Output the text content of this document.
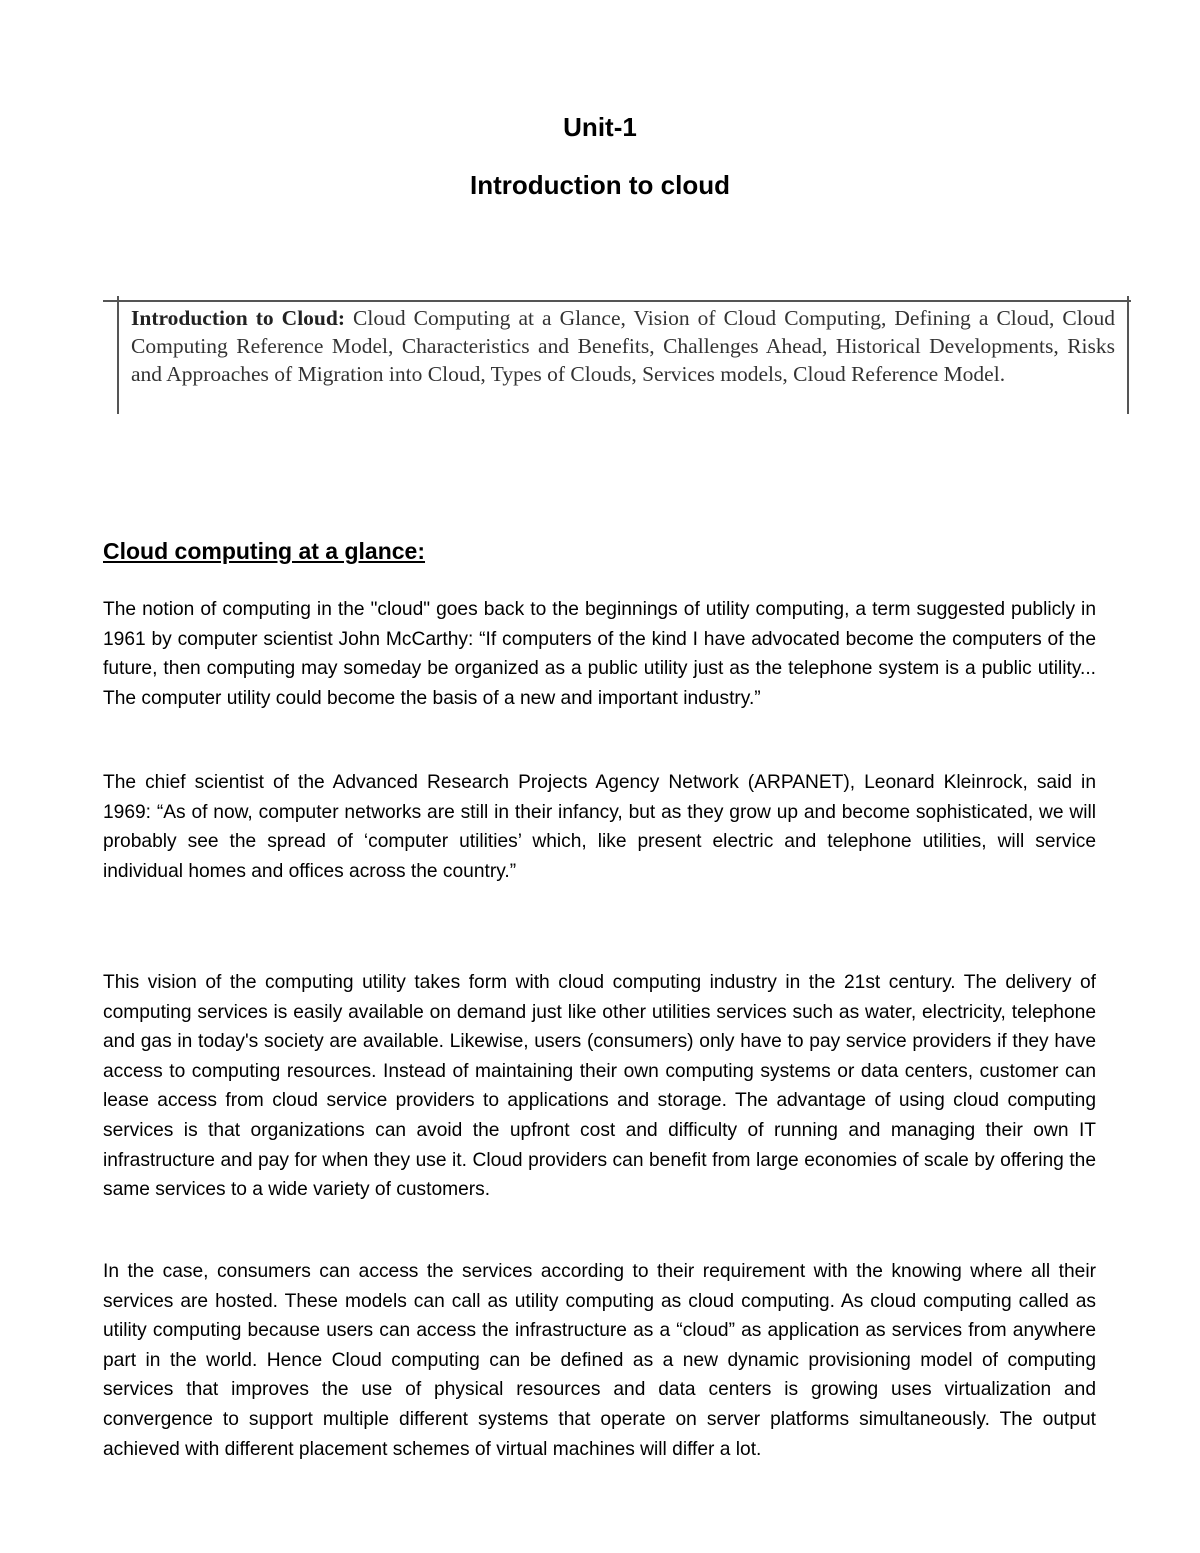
Unit-1
Introduction to cloud
Introduction to Cloud: Cloud Computing at a Glance, Vision of Cloud Computing, Defining a Cloud, Cloud Computing Reference Model, Characteristics and Benefits, Challenges Ahead, Historical Developments, Risks and Approaches of Migration into Cloud, Types of Clouds, Services models, Cloud Reference Model.
Cloud computing at a glance:

The notion of computing in the "cloud" goes back to the beginnings of utility computing, a term suggested publicly in 1961 by computer scientist John McCarthy: “If computers of the kind I have advocated become the computers of the future, then computing may someday be organized as a public utility just as the telephone system is a public utility... The computer utility could become the basis of a new and important industry.”

The chief scientist of the Advanced Research Projects Agency Network (ARPANET), Leonard Kleinrock, said in 1969: “As of now, computer networks are still in their infancy, but as they grow up and become sophisticated, we will probably see the spread of ‘computer utilities’ which, like present electric and telephone utilities, will service individual homes and offices across the country.”

This vision of the computing utility takes form with cloud computing industry in the 21st century. The delivery of computing services is easily available on demand just like other utilities services such as water, electricity, telephone and gas in today's society are available. Likewise, users (consumers) only have to pay service providers if they have access to computing resources. Instead of maintaining their own computing systems or data centers, customer can lease access from cloud service providers to applications and storage. The advantage of using cloud computing services is that organizations can avoid the upfront cost and difficulty of running and managing their own IT infrastructure and pay for when they use it. Cloud providers can benefit from large economies of scale by offering the same services to a wide variety of customers.

In the case, consumers can access the services according to their requirement with the knowing where all their services are hosted. These models can call as utility computing as cloud computing. As cloud computing called as utility computing because users can access the infrastructure as a “cloud” as application as services from anywhere part in the world. Hence Cloud computing can be defined as a new dynamic provisioning model of computing services that improves the use of physical resources and data centers is growing uses virtualization and convergence to support multiple different systems that operate on server platforms simultaneously. The output achieved with different placement schemes of virtual machines will differ a lot.
